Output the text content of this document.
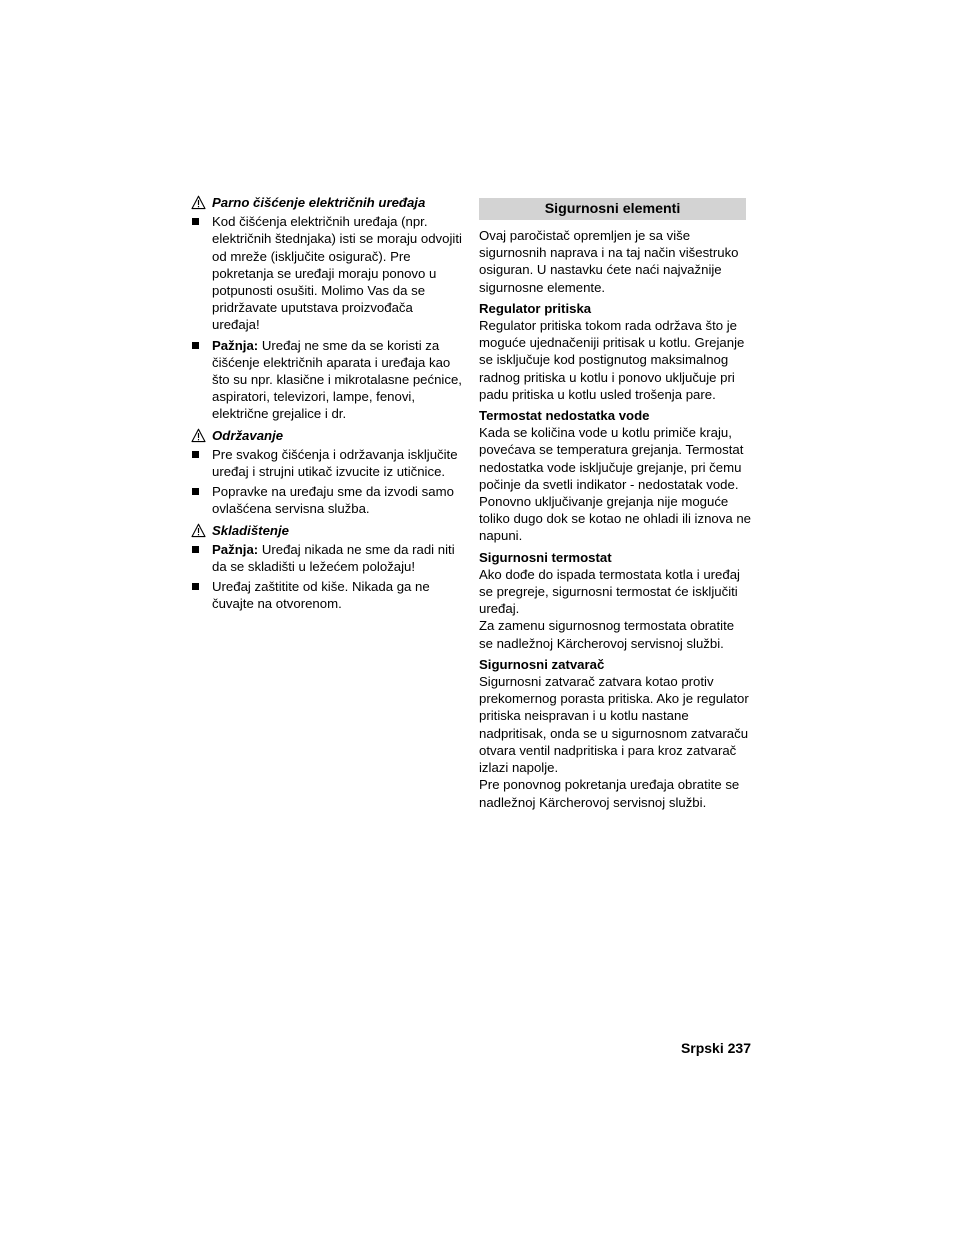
Parno čišćenje električnih uređaja

Kod čišćenja električnih uređaja (npr. električnih štednjaka) isti se moraju odvojiti od mreže (isključite osigurač). Pre pokretanja se uređaji moraju ponovo u potpunosti osušiti. Molimo Vas da se pridržavate uputstava proizvođača uređaja!
Pažnja: Uređaj ne sme da se koristi za čišćenje električnih aparata i uređaja kao što su npr. klasične i mikrotalasne pećnice, aspiratori, televizori, lampe, fenovi, električne grejalice i dr.

Održavanje

Pre svakog čišćenja i održavanja isključite uređaj i strujni utikač izvucite iz utičnice.
Popravke na uređaju sme da izvodi samo ovlašćena servisna služba.

Skladištenje

Pažnja: Uređaj nikada ne sme da radi niti da se skladišti u ležećem položaju!
Uređaj zaštitite od kiše. Nikada ga ne čuvajte na otvorenom.
Sigurnosni elementi

Ovaj paročistač opremljen je sa više sigurnosnih naprava i na taj način višestruko osiguran. U nastavku ćete naći najvažnije sigurnosne elemente.

Regulator pritiska

Regulator pritiska tokom rada održava što je moguće ujednačeniji pritisak u kotlu. Grejanje se isključuje kod postignutog maksimalnog radnog pritiska u kotlu i ponovo uključuje pri padu pritiska u kotlu usled trošenja pare.

Termostat nedostatka vode

Kada se količina vode u kotlu primiče kraju, povećava se temperatura grejanja. Termostat nedostatka vode isključuje grejanje, pri čemu počinje da svetli indikator - nedostatak vode. Ponovno uključivanje grejanja nije moguće toliko dugo dok se kotao ne ohladi ili iznova ne napuni.

Sigurnosni termostat

Ako dođe do ispada termostata kotla i uređaj se pregreje, sigurnosni termostat će isključiti uređaj.

Za zamenu sigurnosnog termostata obratite se nadležnoj Kärcherovoj servisnoj službi.

Sigurnosni zatvarač

Sigurnosni zatvarač zatvara kotao protiv prekomernog porasta pritiska. Ako je regulator pritiska neispravan i u kotlu nastane nadpritisak, onda se u sigurnosnom zatvaraču otvara ventil nadpritiska i para kroz zatvarač izlazi napolje.

Pre ponovnog pokretanja uređaja obratite se nadležnoj Kärcherovoj servisnoj službi.

Srpski 237
